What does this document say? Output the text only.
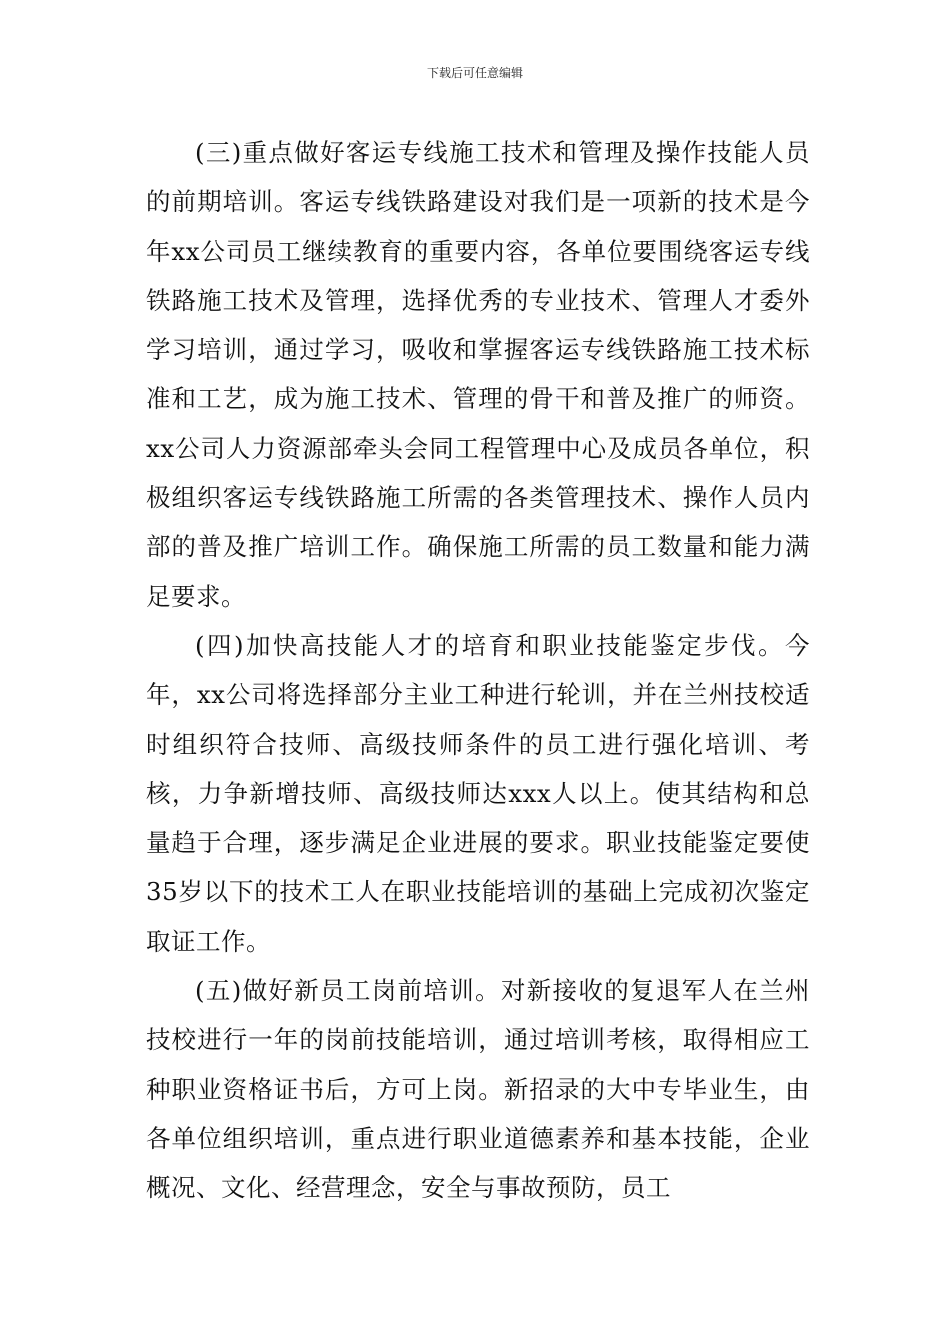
下载后可任意编辑

(三)重点做好客运专线施工技术和管理及操作技能人员的前期培训。客运专线铁路建设对我们是一项新的技术是今年xx公司员工继续教育的重要内容，各单位要围绕客运专线铁路施工技术及管理，选择优秀的专业技术、管理人才委外学习培训，通过学习，吸收和掌握客运专线铁路施工技术标准和工艺，成为施工技术、管理的骨干和普及推广的师资。xx公司人力资源部牵头会同工程管理中心及成员各单位，积极组织客运专线铁路施工所需的各类管理技术、操作人员内部的普及推广培训工作。确保施工所需的员工数量和能力满足要求。

(四)加快高技能人才的培育和职业技能鉴定步伐。今年，xx公司将选择部分主业工种进行轮训，并在兰州技校适时组织符合技师、高级技师条件的员工进行强化培训、考核，力争新增技师、高级技师达xxx人以上。使其结构和总量趋于合理，逐步满足企业进展的要求。职业技能鉴定要使35岁以下的技术工人在职业技能培训的基础上完成初次鉴定取证工作。

(五)做好新员工岗前培训。对新接收的复退军人在兰州技校进行一年的岗前技能培训，通过培训考核，取得相应工种职业资格证书后，方可上岗。新招录的大中专毕业生，由各单位组织培训，重点进行职业道德素养和基本技能，企业概况、文化、经营理念，安全与事故预防，员工
